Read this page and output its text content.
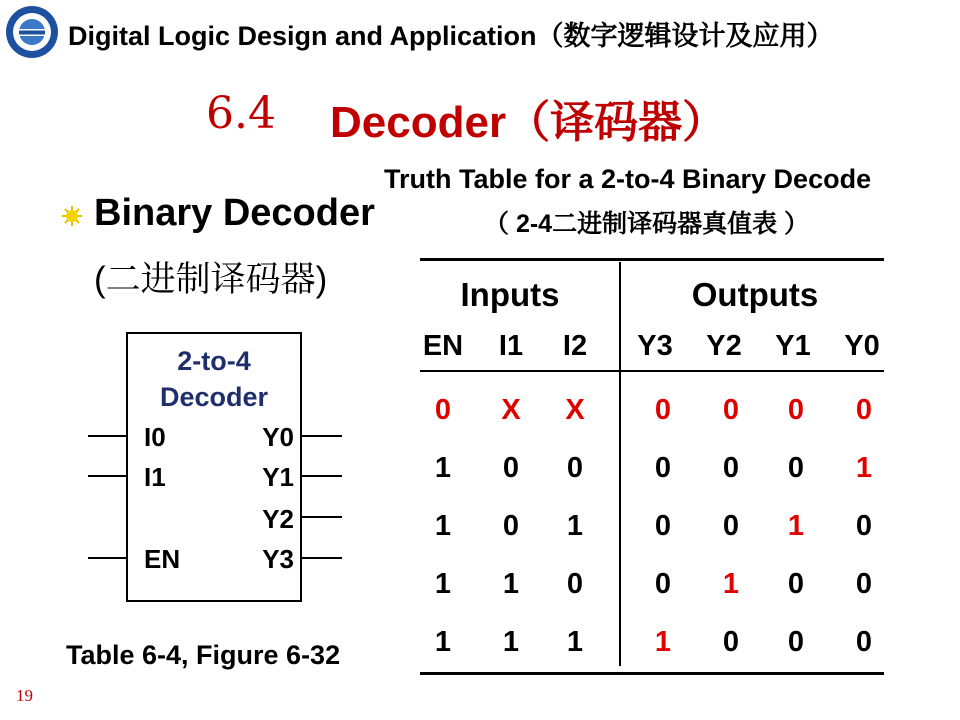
Digital Logic Design and Application（数字逻辑设计及应用）
6.4 Decoder（译码器）
Binary Decoder
(二进制译码器)
2-to-4
Decoder
I0
I1
EN
Y0
Y1
Y2
Y3
Table 6-4, Figure 6-32
19
Truth Table for a 2-to-4 Binary Decode
（ 2-4二进制译码器真值表 ）
Inputs	Outputs
EN	I1	I2	Y3	Y2	Y1	Y0
0	X	X	0	0	0	0
1	0	0	0	0	0	1
1	0	1	0	0	1	0
1	1	0	0	1	0	0
1	1	1	1	0	0	0
